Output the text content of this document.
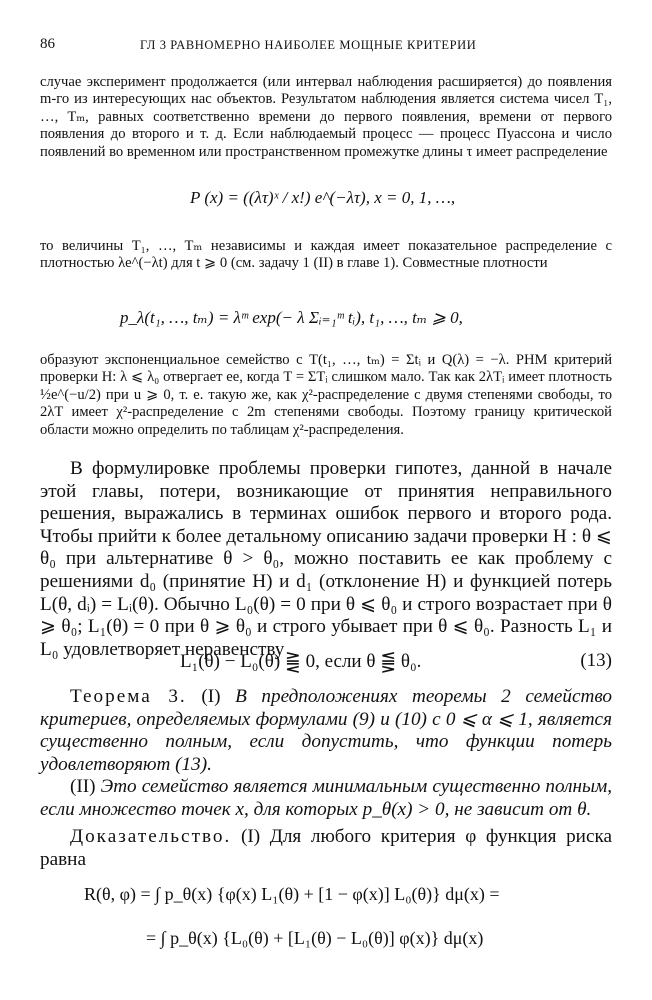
86	ГЛ 3 РАВНОМЕРНО НАИБОЛЕЕ МОЩНЫЕ КРИТЕРИИ

случае эксперимент продолжается (или интервал наблюдения расширяется) до появления m-го из интересующих нас объектов. Результатом наблюдения является система чисел T₁, …, Tₘ, равных соответственно времени до первого появления, времени от первого появления до второго и т. д. Если наблюдаемый процесс — процесс Пуассона и число появлений во временном или пространственном промежутке длины τ имеет распределение

P (x) = ((λτ)ˣ / x!) e^(−λτ), x = 0, 1, …,

то величины T₁, …, Tₘ независимы и каждая имеет показательное распределение с плотностью λe^(−λt) для t ⩾ 0 (см. задачу 1 (II) в главе 1). Совместные плотности

p_λ(t₁, …, tₘ) = λᵐ exp(− λ Σᵢ₌₁ᵐ tᵢ), t₁, …, tₘ ⩾ 0,

образуют экспоненциальное семейство с T(t₁, …, tₘ) = Σtᵢ и Q(λ) = −λ. РНМ критерий проверки H: λ ⩽ λ₀ отвергает ее, когда T = ΣTᵢ слишком мало. Так как 2λTᵢ имеет плотность ½e^(−u/2) при u ⩾ 0, т. е. такую же, как χ²-распределение с двумя степенями свободы, то 2λT имеет χ²-распределение с 2m степенями свободы. Поэтому границу критической области можно определить по таблицам χ²-распределения.

В формулировке проблемы проверки гипотез, данной в начале этой главы, потери, возникающие от принятия неправильного решения, выражались в терминах ошибок первого и второго рода. Чтобы прийти к более детальному описанию задачи проверки H : θ ⩽ θ₀ при альтернативе θ > θ₀, можно поставить ее как проблему с решениями d₀ (принятие H) и d₁ (отклонение H) и функцией потерь L(θ, dᵢ) = Lᵢ(θ). Обычно L₀(θ) = 0 при θ ⩽ θ₀ и строго возрастает при θ ⩾ θ₀; L₁(θ) = 0 при θ ⩾ θ₀ и строго убывает при θ ⩽ θ₀. Разность L₁ и L₀ удовлетворяет неравенству

L₁(θ) − L₀(θ) ⪌ 0, если θ ⪋ θ₀.	(13)

Теорема 3. (I) В предположениях теоремы 2 семейство критериев, определяемых формулами (9) и (10) с 0 ⩽ α ⩽ 1, является существенно полным, если допустить, что функции потерь удовлетворяют (13).

(II) Это семейство является минимальным существенно полным, если множество точек x, для которых p_θ(x) > 0, не зависит от θ.

Доказательство. (I) Для любого критерия φ функция риска равна

R(θ, φ) = ∫ p_θ(x) {φ(x) L₁(θ) + [1 − φ(x)] L₀(θ)} dμ(x) =
= ∫ p_θ(x) {L₀(θ) + [L₁(θ) − L₀(θ)] φ(x)} dμ(x)
